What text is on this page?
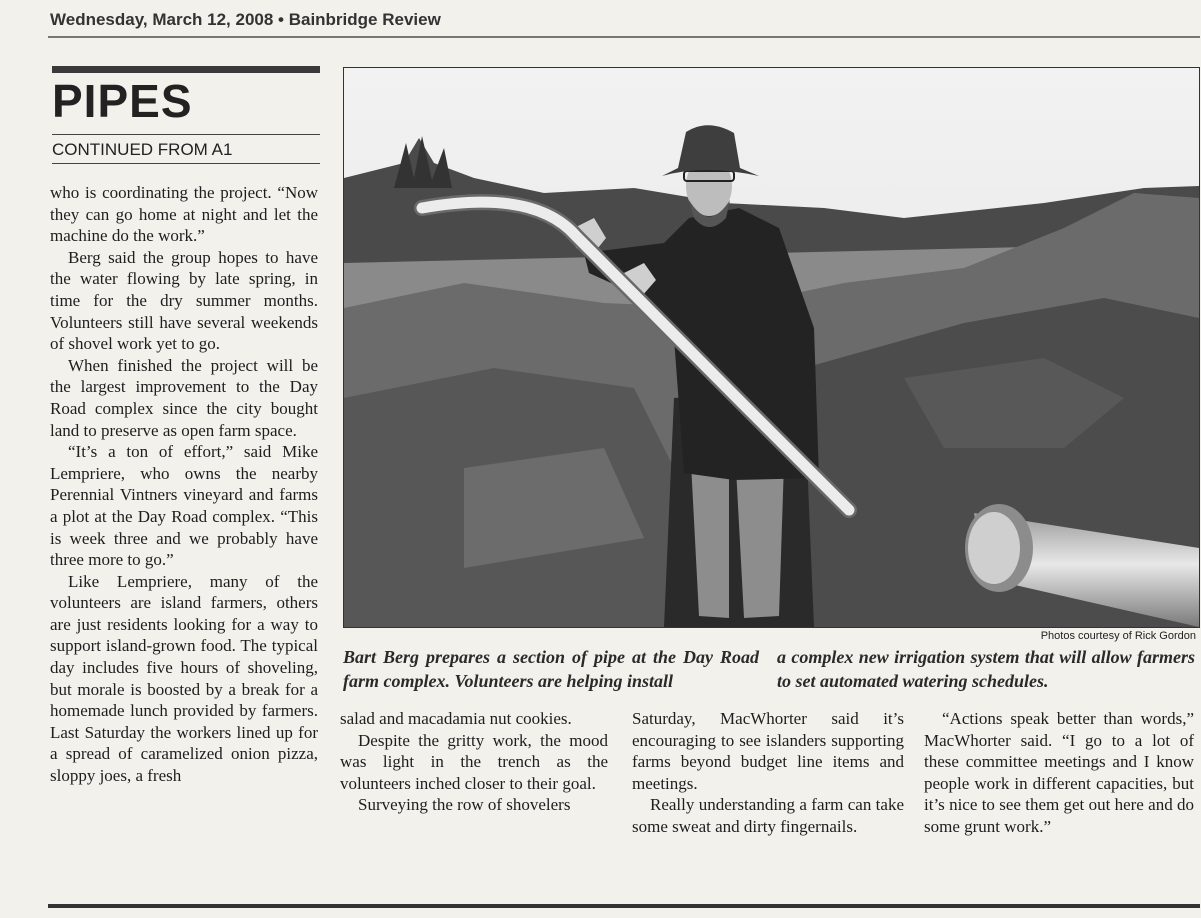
Wednesday, March 12, 2008 • Bainbridge Review
PIPES
CONTINUED FROM A1

who is coordinating the project. “Now they can go home at night and let the machine do the work.”

Berg said the group hopes to have the water flowing by late spring, in time for the dry summer months. Volunteers still have several weekends of shovel work yet to go.

When finished the project will be the largest improvement to the Day Road complex since the city bought land to preserve as open farm space.

“It’s a ton of effort,” said Mike Lempriere, who owns the nearby Perennial Vintners vineyard and farms a plot at the Day Road complex. “This is week three and we probably have three more to go.”

Like Lempriere, many of the volunteers are island farmers, others are just residents looking for a way to support island-grown food. The typical day includes five hours of shoveling, but morale is boosted by a break for a homemade lunch provided by farmers. Last Saturday the workers lined up for a spread of caramelized onion pizza, sloppy joes, a fresh

Photos courtesy of Rick Gordon
Bart Berg prepares a section of pipe at the Day Road farm complex. Volunteers are helping install
a complex new irrigation system that will allow farmers to set automated watering schedules.

salad and macadamia nut cookies.

Despite the gritty work, the mood was light in the trench as the volunteers inched closer to their goal.

Surveying the row of shovelers

Saturday, MacWhorter said it’s encouraging to see islanders supporting farms beyond budget line items and meetings.

Really understanding a farm can take some sweat and dirty fingernails.

“Actions speak better than words,” MacWhorter said. “I go to a lot of these committee meetings and I know people work in different capacities, but it’s nice to see them get out here and do some grunt work.”
